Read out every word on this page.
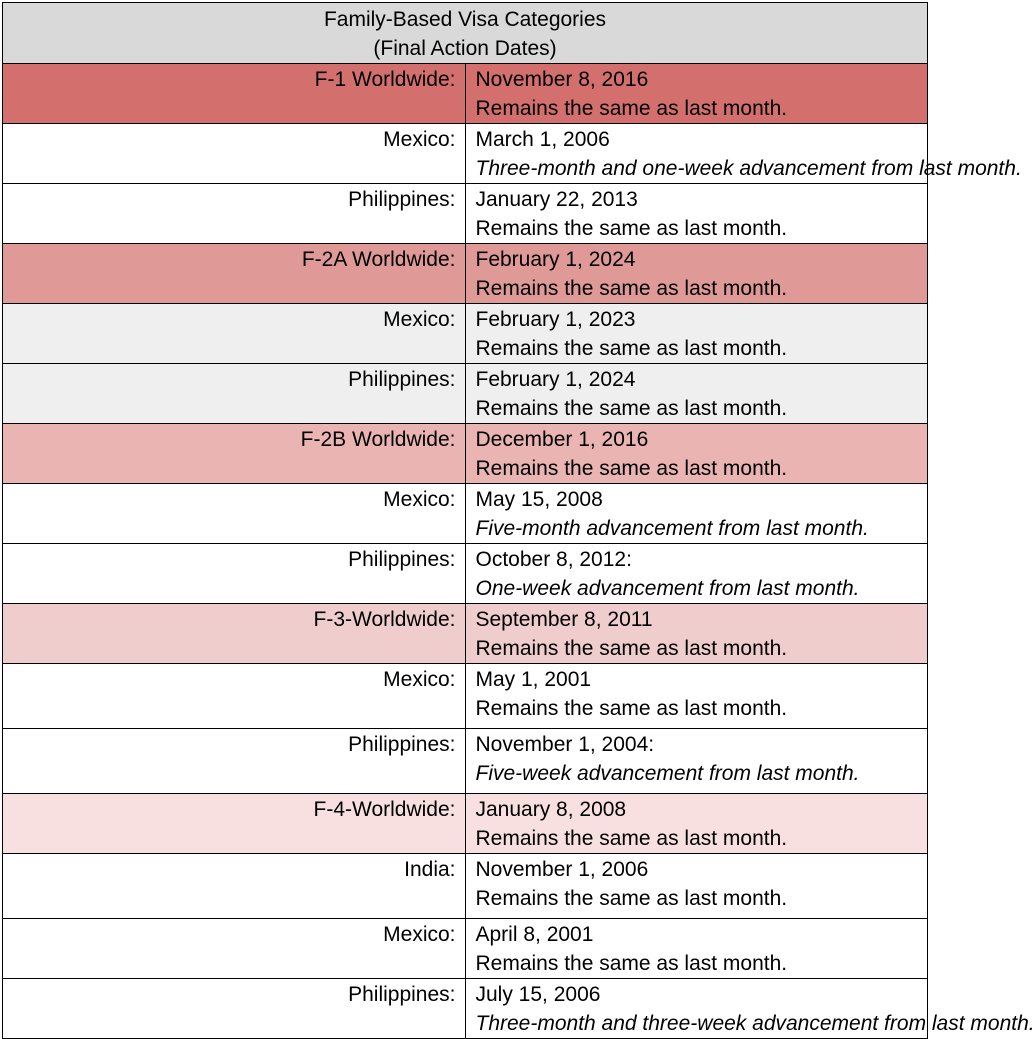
Family-Based Visa Categories
(Final Action Dates)	

F-1 Worldwide:	November 8, 2016
Remains the same as last month.

Mexico:	March 1, 2006
Three-month and one-week advancement from last month.

Philippines:	January 22, 2013
Remains the same as last month.

F-2A Worldwide:	February 1, 2024
Remains the same as last month.

Mexico:	February 1, 2023
Remains the same as last month.

Philippines:	February 1, 2024
Remains the same as last month.

F-2B Worldwide:	December 1, 2016
Remains the same as last month.

Mexico:	May 15, 2008
Five-month advancement from last month.

Philippines:	October 8, 2012:
One-week advancement from last month.

F-3-Worldwide:	September 8, 2011
Remains the same as last month.

Mexico:	May 1, 2001
Remains the same as last month.

Philippines:	November 1, 2004:
Five-week advancement from last month.

F-4-Worldwide:	January 8, 2008
Remains the same as last month.

India:	November 1, 2006
Remains the same as last month.

Mexico:	April 8, 2001
Remains the same as last month.

Philippines:	July 15, 2006
Three-month and three-week advancement from last month.
